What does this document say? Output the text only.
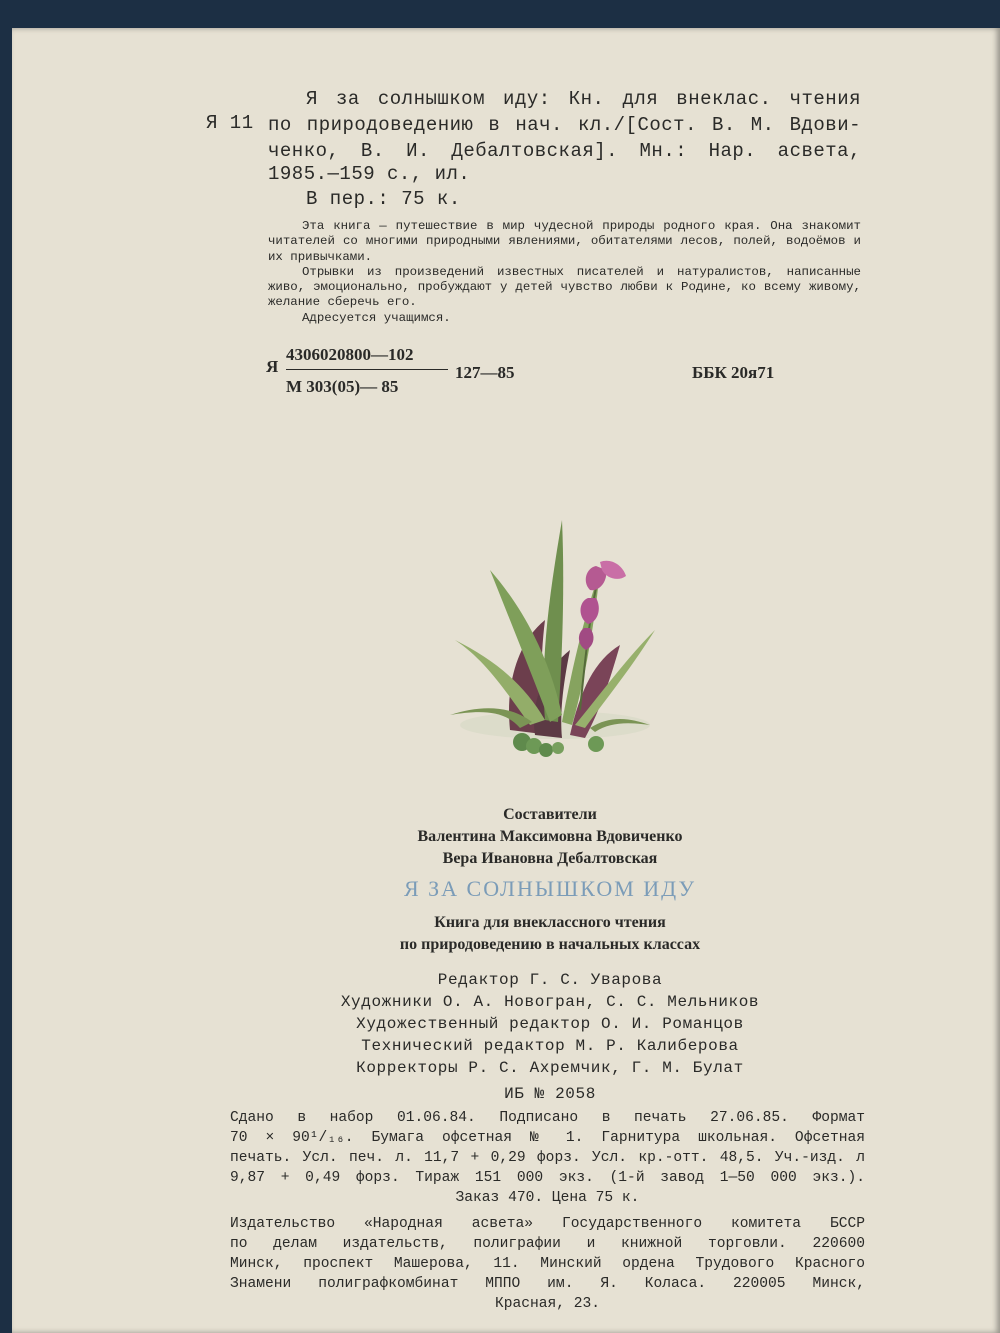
Я 11
Я за солнышком иду: Кн. для внеклас. чтения
по природоведению в нач. кл./[Сост. В. М. Вдови-
ченко, В. И. Дебалтовская]. Мн.: Нар. асвета,
1985.—159 с., ил.
В пер.: 75 к.

Эта книга — путешествие в мир чудесной природы родного края. Она знакомит читателей со многими природными явлениями, обитателями лесов, полей, водоёмов и их привычками.

Отрывки из произведений известных писателей и натуралистов, написанные живо, эмоционально, пробуждают у детей чувство любви к Родине, ко всему живому, желание сберечь его.

Адресуется учащимся.

Я
4306020800—102
М 303(05)— 85
127—85	ББК 20я71
Составители
Валентина Максимовна Вдовиченко
Вера Ивановна Дебалтовская
Я ЗА СОЛНЫШКОМ ИДУ
Книга для внеклассного чтения
по природоведению в начальных классах
Редактор Г. С. Уварова
Художники О. А. Новогран, С. С. Мельников
Художественный редактор О. И. Романцов
Технический редактор М. Р. Калиберова
Корректоры Р. С. Ахремчик, Г. М. Булат
ИБ № 2058

Сдано в набор 01.06.84. Подписано в печать 27.06.85. Формат

70 × 90¹/₁₆. Бумага офсетная № 1. Гарнитура школьная. Офсетная

печать. Усл. печ. л. 11,7 + 0,29 форз. Усл. кр.-отт. 48,5. Уч.-изд. л

9,87 + 0,49 форз. Тираж 151 000 экз. (1-й завод 1—50 000 экз.).

Заказ 470. Цена 75 к.

Издательство «Народная асвета» Государственного комитета БССР

по делам издательств, полиграфии и книжной торговли. 220600

Минск, проспект Машерова, 11. Минский ордена Трудового Красного

Знамени полиграфкомбинат МППО им. Я. Коласа. 220005 Минск,

Красная, 23.
